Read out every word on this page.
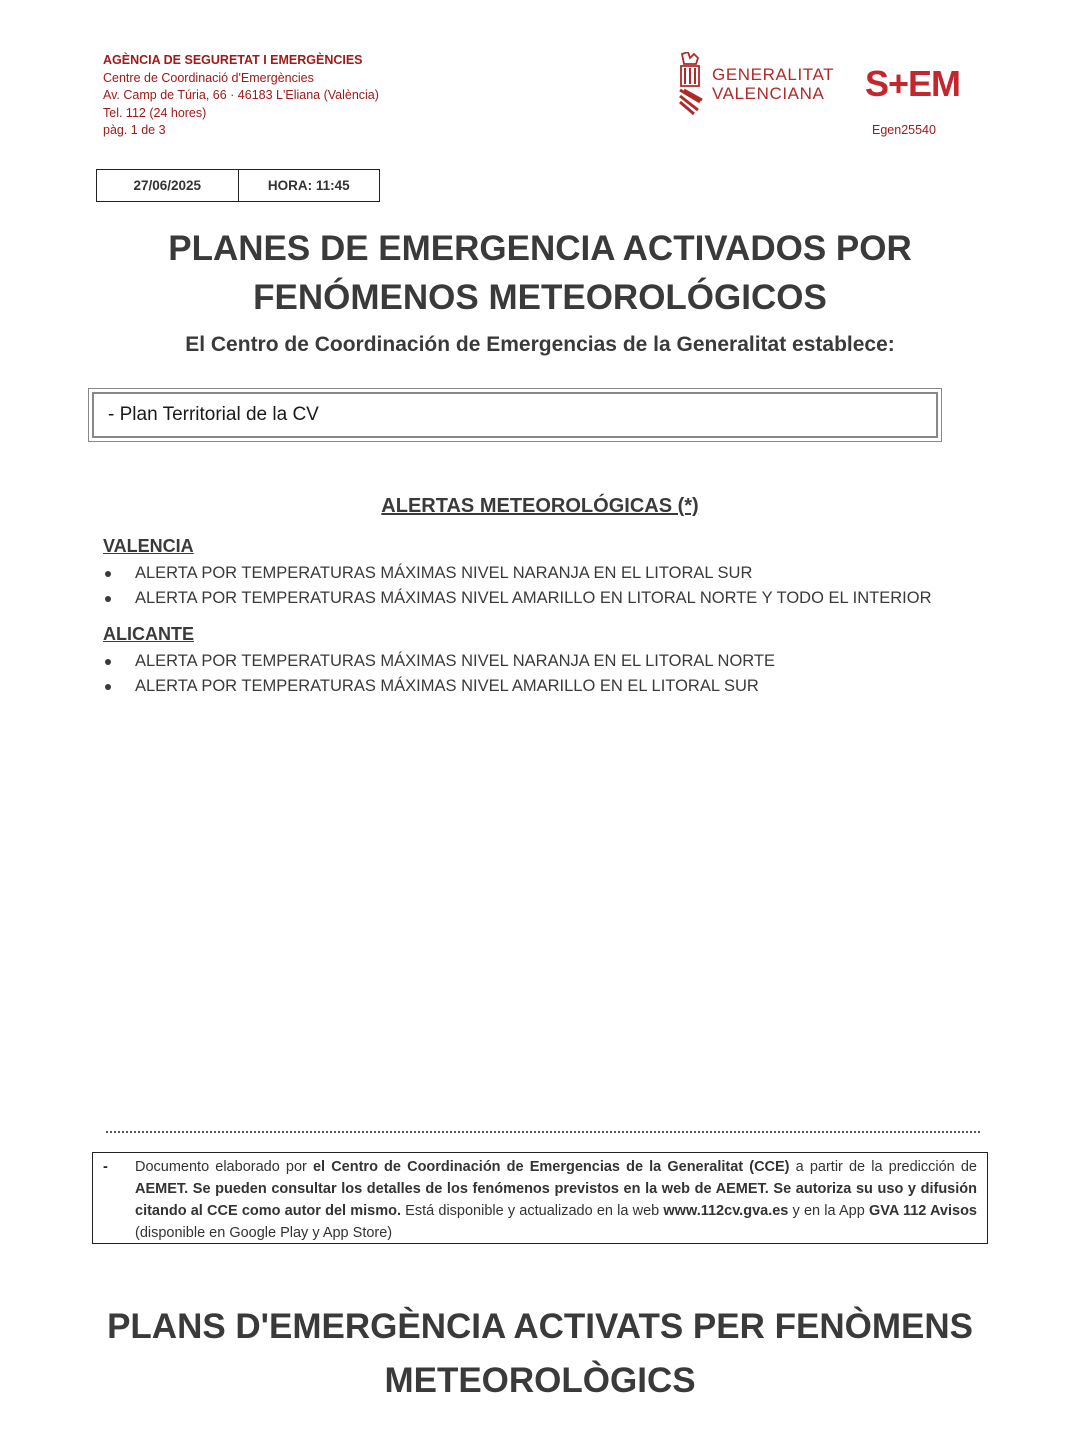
AGÈNCIA DE SEGURETAT I EMERGÈNCIES
Centre de Coordinació d'Emergències
Av. Camp de Túria, 66 · 46183 L'Eliana (València)
Tel. 112 (24 hores)
pàg. 1 de 3
GENERALITAT
VALENCIANA S+EM
Egen25540
27/06/2025	HORA: 11:45
PLANES DE EMERGENCIA ACTIVADOS POR
FENÓMENOS METEOROLÓGICOS
El Centro de Coordinación de Emergencias de la Generalitat establece:
- Plan Territorial de la CV
ALERTAS METEOROLÓGICAS (*)
VALENCIA
ALERTA POR TEMPERATURAS MÁXIMAS NIVEL NARANJA EN EL LITORAL SUR
ALERTA POR TEMPERATURAS MÁXIMAS NIVEL AMARILLO EN LITORAL NORTE Y TODO EL INTERIOR
ALICANTE
ALERTA POR TEMPERATURAS MÁXIMAS NIVEL NARANJA EN EL LITORAL NORTE
ALERTA POR TEMPERATURAS MÁXIMAS NIVEL AMARILLO EN EL LITORAL SUR
-	Documento elaborado por el Centro de Coordinación de Emergencias de la Generalitat (CCE) a partir de la predicción de AEMET. Se pueden consultar los detalles de los fenómenos previstos en la web de AEMET. Se autoriza su uso y difusión citando al CCE como autor del mismo. Está disponible y actualizado en la web www.112cv.gva.es y en la App GVA 112 Avisos (disponible en Google Play y App Store)
PLANS D'EMERGÈNCIA ACTIVATS PER FENÒMENS
METEOROLÒGICS
